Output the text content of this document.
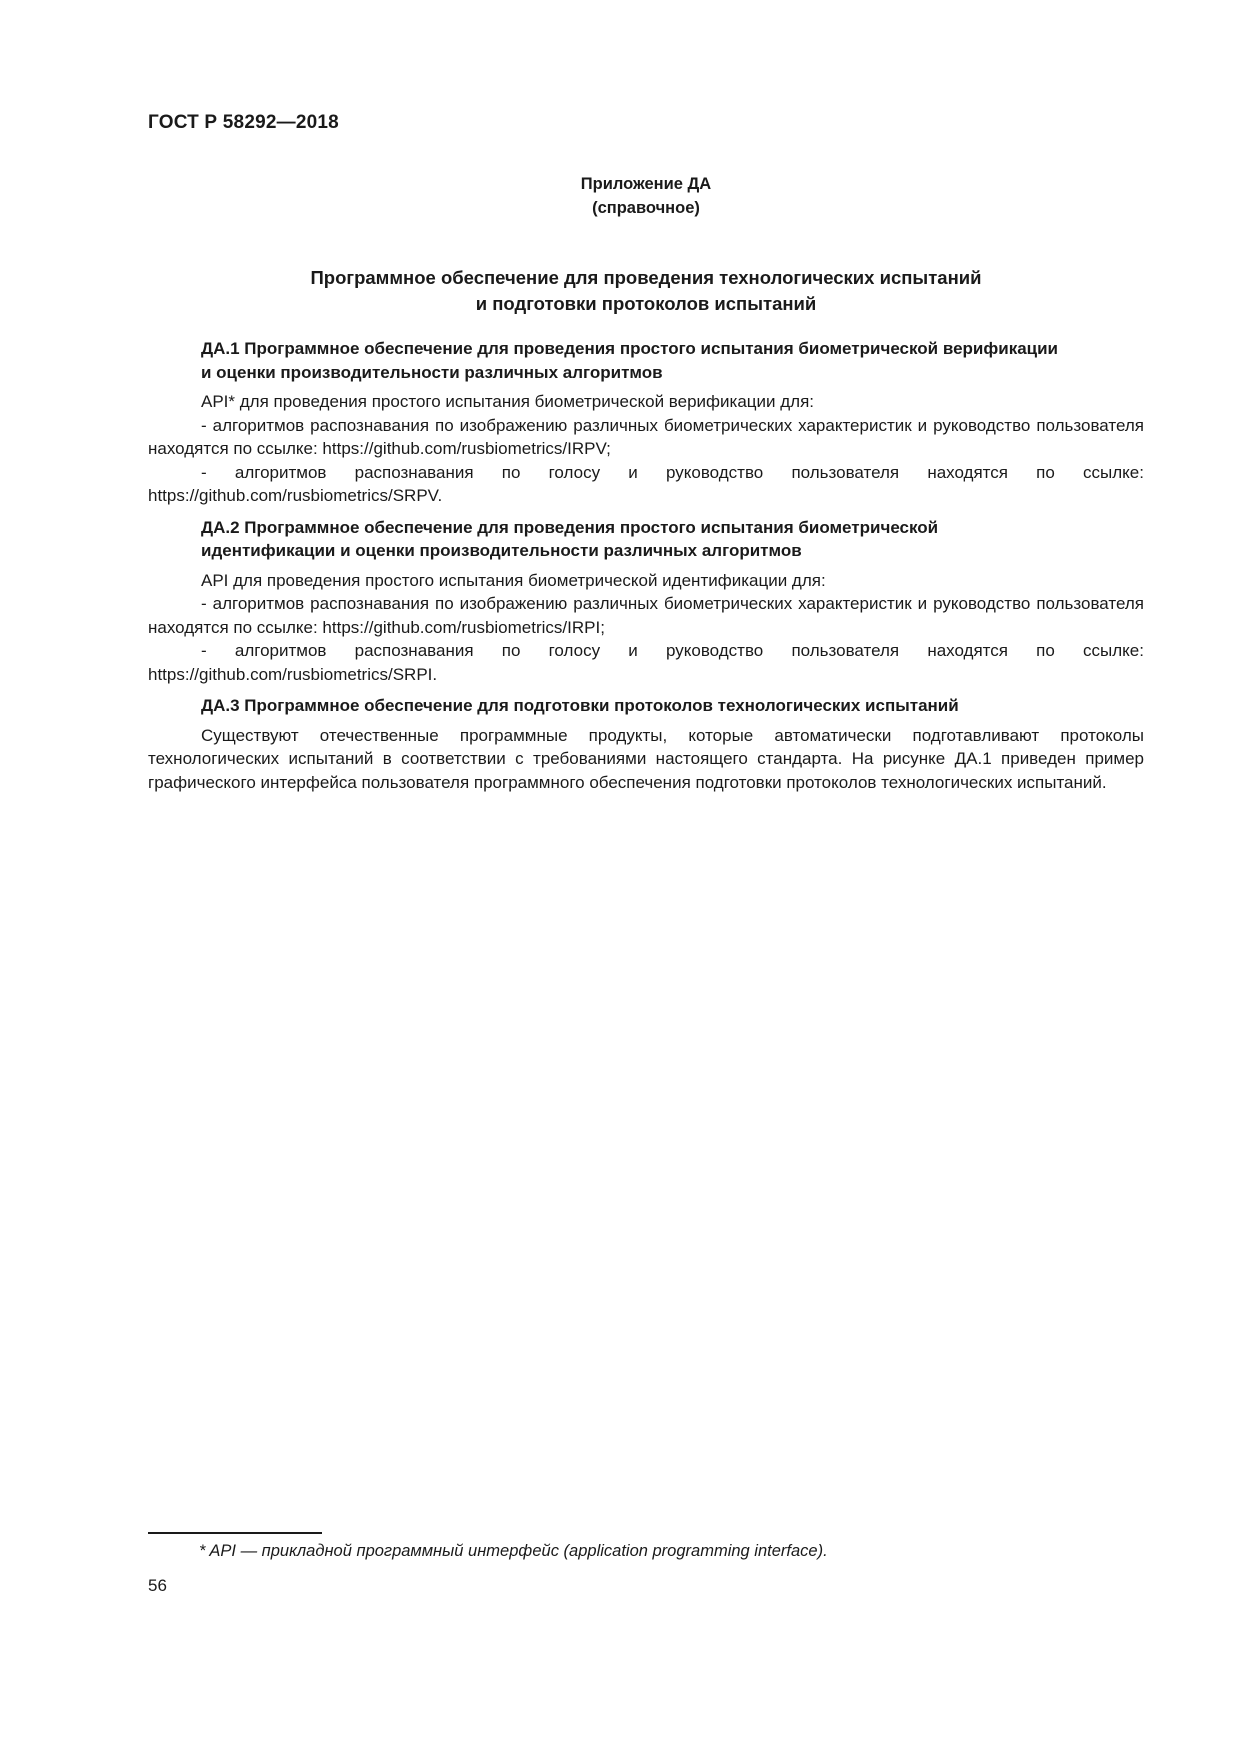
ГОСТ Р 58292—2018
Приложение ДА
(справочное)
Программное обеспечение для проведения технологических испытаний
и подготовки протоколов испытаний

ДА.1 Программное обеспечение для проведения простого испытания биометрической верификации
и оценки производительности различных алгоритмов

API* для проведения простого испытания биометрической верификации для:

- алгоритмов распознавания по изображению различных биометрических характеристик и руководство пользователя находятся по ссылке: https://github.com/rusbiometrics/IRPV;

- алгоритмов распознавания по голосу и руководство пользователя находятся по ссылке: https://github.com/rusbiometrics/SRPV.

ДА.2 Программное обеспечение для проведения простого испытания биометрической
идентификации и оценки производительности различных алгоритмов

API для проведения простого испытания биометрической идентификации для:

- алгоритмов распознавания по изображению различных биометрических характеристик и руководство пользователя находятся по ссылке: https://github.com/rusbiometrics/IRPI;

- алгоритмов распознавания по голосу и руководство пользователя находятся по ссылке: https://github.com/rusbiometrics/SRPI.

ДА.3 Программное обеспечение для подготовки протоколов технологических испытаний

Существуют отечественные программные продукты, которые автоматически подготавливают протоколы технологических испытаний в соответствии с требованиями настоящего стандарта. На рисунке ДА.1 приведен пример графического интерфейса пользователя программного обеспечения подготовки протоколов технологических испытаний.

* API — прикладной программный интерфейс (application programming interface).
56
